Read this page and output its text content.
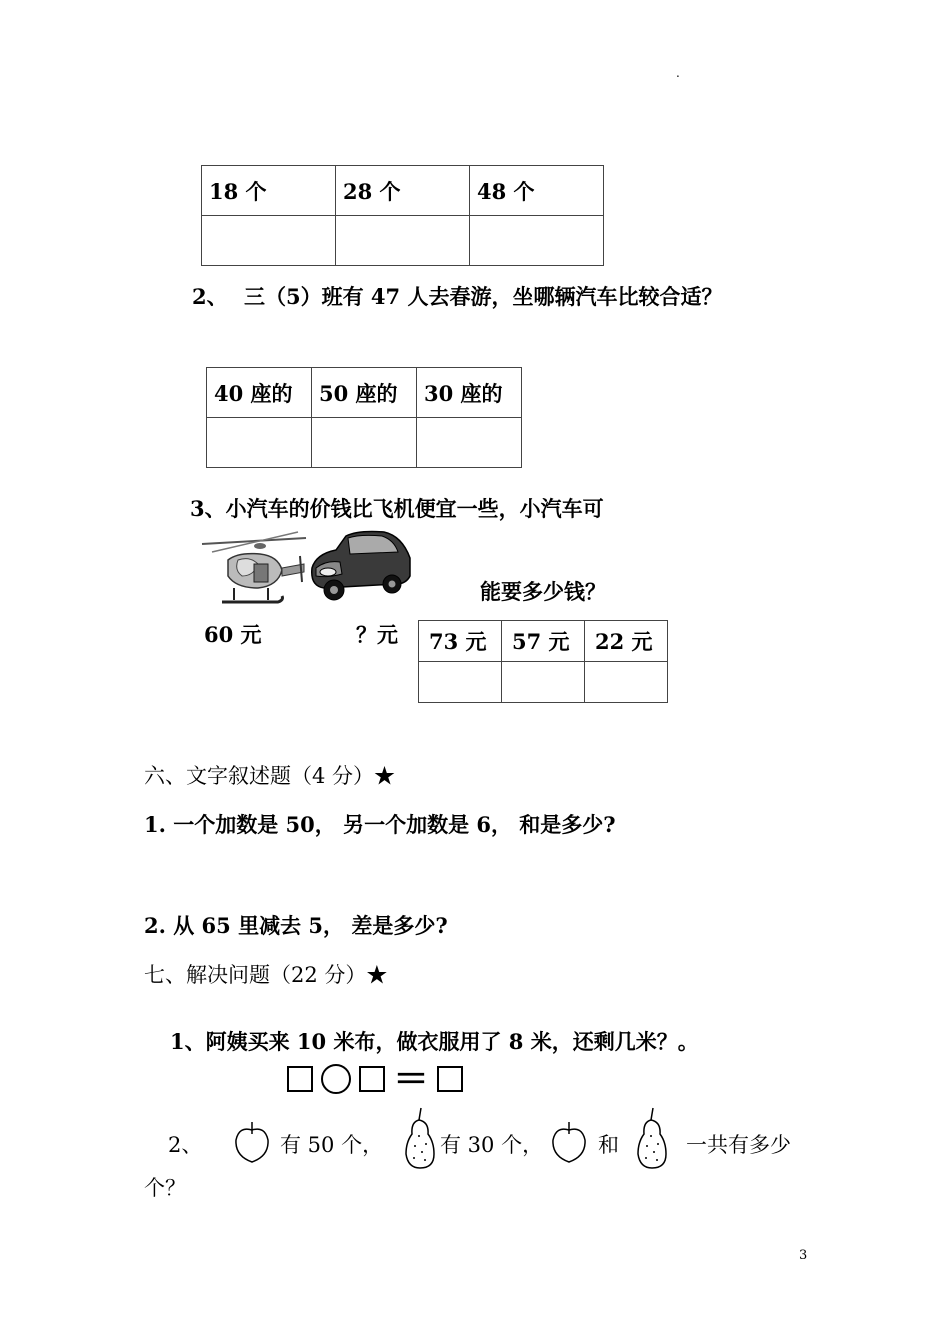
.
18 个	28 个	48 个

2、 三（5）班有 47 人去春游，坐哪辆汽车比较合适？
40 座的	50 座的	30 座的

3、小汽车的价钱比飞机便宜一些，小汽车可
能要多少钱？
60 元	？元 73 元	57 元	22 元

六、文字叙述题（4 分）★
1. 一个加数是 50， 另一个加数是 6， 和是多少?
2. 从 65 里减去 5， 差是多少?
七、解决问题（22 分）★
1、阿姨买来 10 米布，做衣服用了 8 米，还剩几米？。
＝
2、	有 50 个，	有 30 个，	和	一共有多少
个？
3
